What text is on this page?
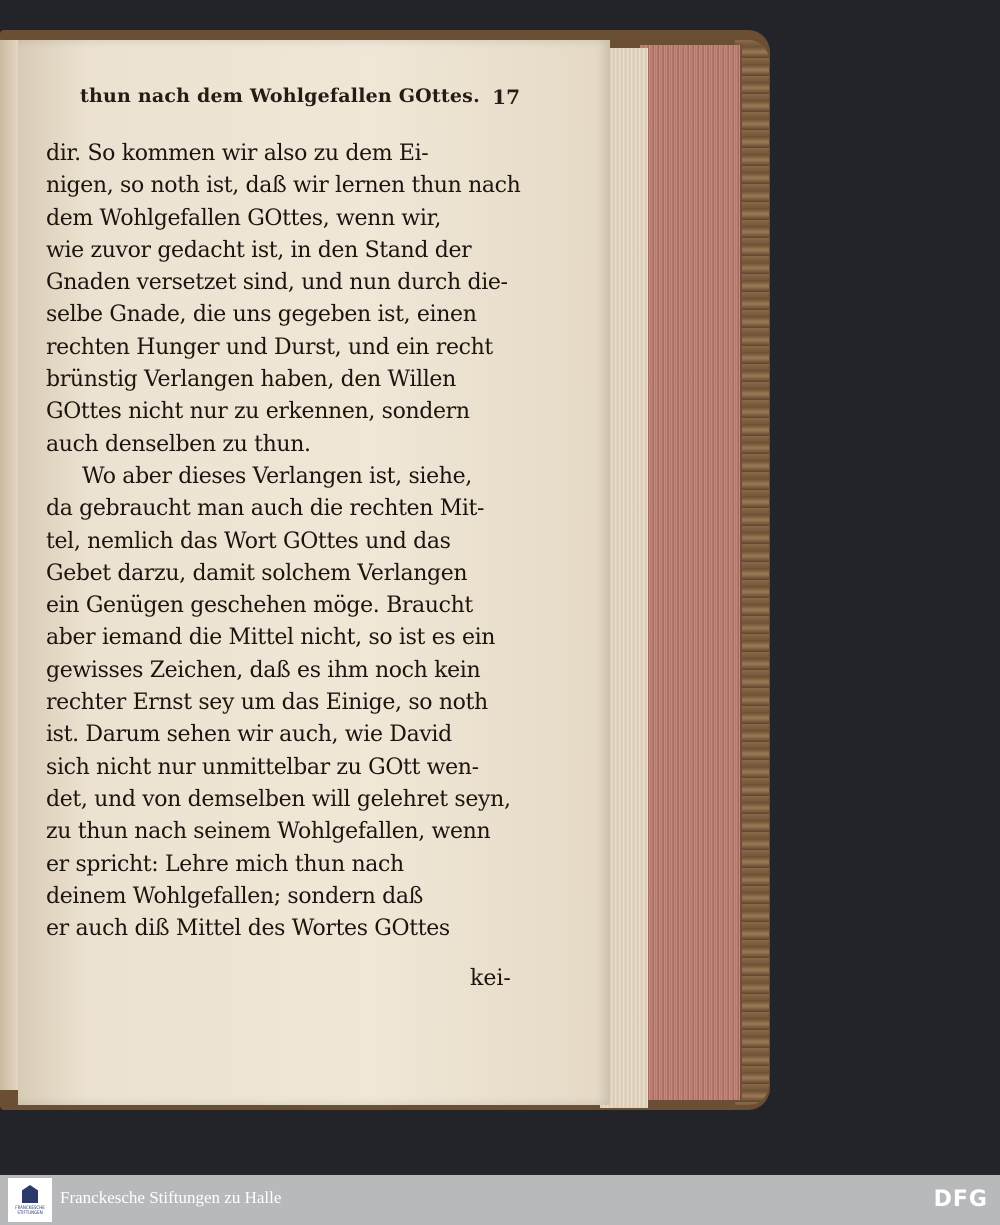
thun nach dem Wohlgefallen GOttes. 17
dir. So kommen wir also zu dem Ei-
nigen, so noth ist, daß wir lernen thun nach
dem Wohlgefallen GOttes, wenn wir,
wie zuvor gedacht ist, in den Stand der
Gnaden versetzet sind, und nun durch die-
selbe Gnade, die uns gegeben ist, einen
rechten Hunger und Durst, und ein recht
brünstig Verlangen haben, den Willen
GOttes nicht nur zu erkennen, sondern
auch denselben zu thun.
Wo aber dieses Verlangen ist, siehe,
da gebraucht man auch die rechten Mit-
tel, nemlich das Wort GOttes und das
Gebet darzu, damit solchem Verlangen
ein Genügen geschehen möge. Braucht
aber iemand die Mittel nicht, so ist es ein
gewisses Zeichen, daß es ihm noch kein
rechter Ernst sey um das Einige, so noth
ist. Darum sehen wir auch, wie David
sich nicht nur unmittelbar zu GOtt wen-
det, und von demselben will gelehret seyn,
zu thun nach seinem Wohlgefallen, wenn
er spricht: Lehre mich thun nach
deinem Wohlgefallen; sondern daß
er auch diß Mittel des Wortes GOttes
kei-
FRANCKESCHE STIFTUNGEN
Franckesche Stiftungen zu Halle	DFG
